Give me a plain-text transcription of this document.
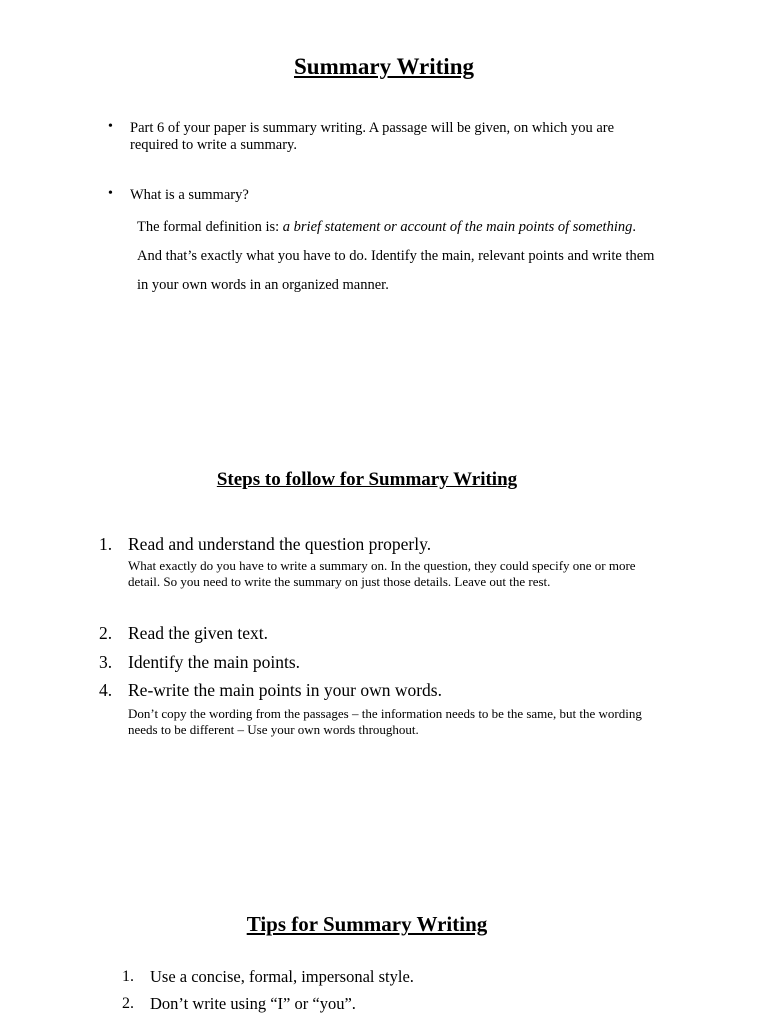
Summary Writing
• Part 6 of your paper is summary writing. A passage will be given, on which you are required to write a summary.

• What is a summary?

The formal definition is: a brief statement or account of the main points of something. And that’s exactly what you have to do. Identify the main, relevant points and write them in your own words in an organized manner.

Steps to follow for Summary Writing
1. Read and understand the question properly.

What exactly do you have to write a summary on. In the question, they could specify one or more detail. So you need to write the summary on just those details. Leave out the rest.

2. Read the given text.
3. Identify the main points.
4. Re-write the main points in your own words.

Don’t copy the wording from the passages – the information needs to be the same, but the wording needs to be different – Use your own words throughout.

Tips for Summary Writing
1. Use a concise, formal, impersonal style.
2. Don’t write using “I” or “you”.
